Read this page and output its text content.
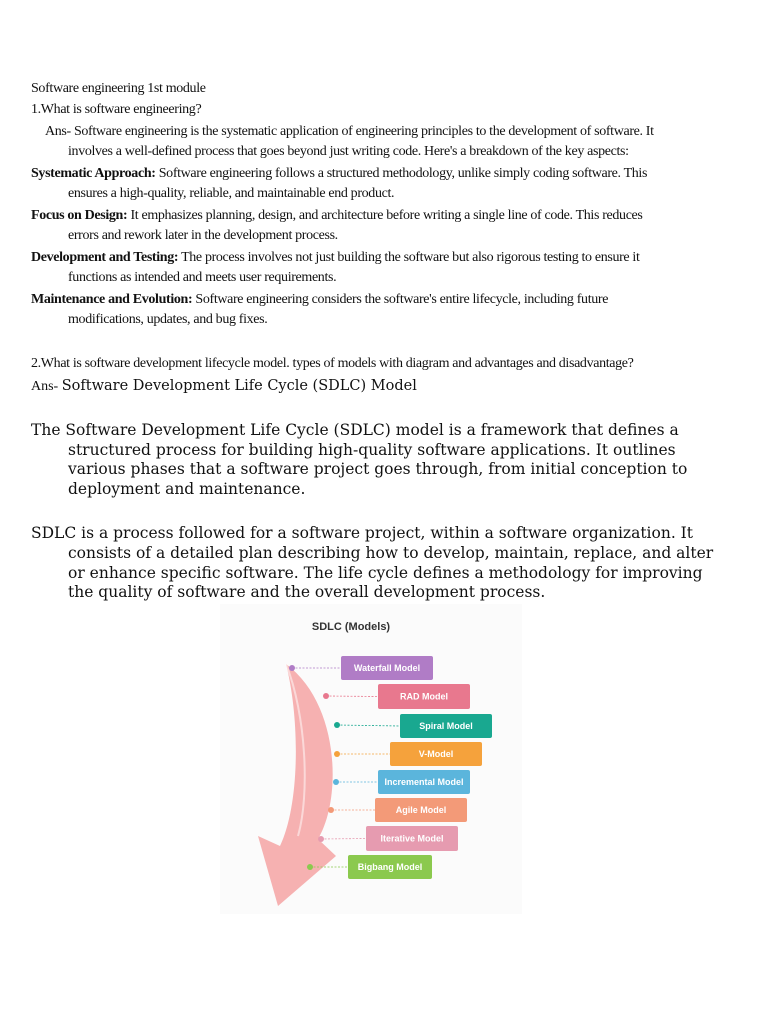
Software engineering 1st module
1.What is software engineering?
Ans- Software engineering is the systematic application of engineering principles to the development of software. It
involves a well-defined process that goes beyond just writing code. Here's a breakdown of the key aspects:
Systematic Approach: Software engineering follows a structured methodology, unlike simply coding software. This
ensures a high-quality, reliable, and maintainable end product.
Focus on Design: It emphasizes planning, design, and architecture before writing a single line of code. This reduces
errors and rework later in the development process.
Development and Testing: The process involves not just building the software but also rigorous testing to ensure it
functions as intended and meets user requirements.
Maintenance and Evolution: Software engineering considers the software's entire lifecycle, including future
modifications, updates, and bug fixes.
2.What is software development lifecycle model. types of models with diagram and advantages and disadvantage?
Ans- Software Development Life Cycle (SDLC) Model
The Software Development Life Cycle (SDLC) model is a framework that defines a
structured process for building high-quality software applications. It outlines
various phases that a software project goes through, from initial conception to
deployment and maintenance.
SDLC is a process followed for a software project, within a software organization. It
consists of a detailed plan describing how to develop, maintain, replace, and alter
or enhance specific software. The life cycle defines a methodology for improving
the quality of software and the overall development process.
SDLC (Models)
Waterfall Model
RAD Model
Spiral Model
V-Model
Incremental Model
Agile Model
Iterative Model
Bigbang Model
